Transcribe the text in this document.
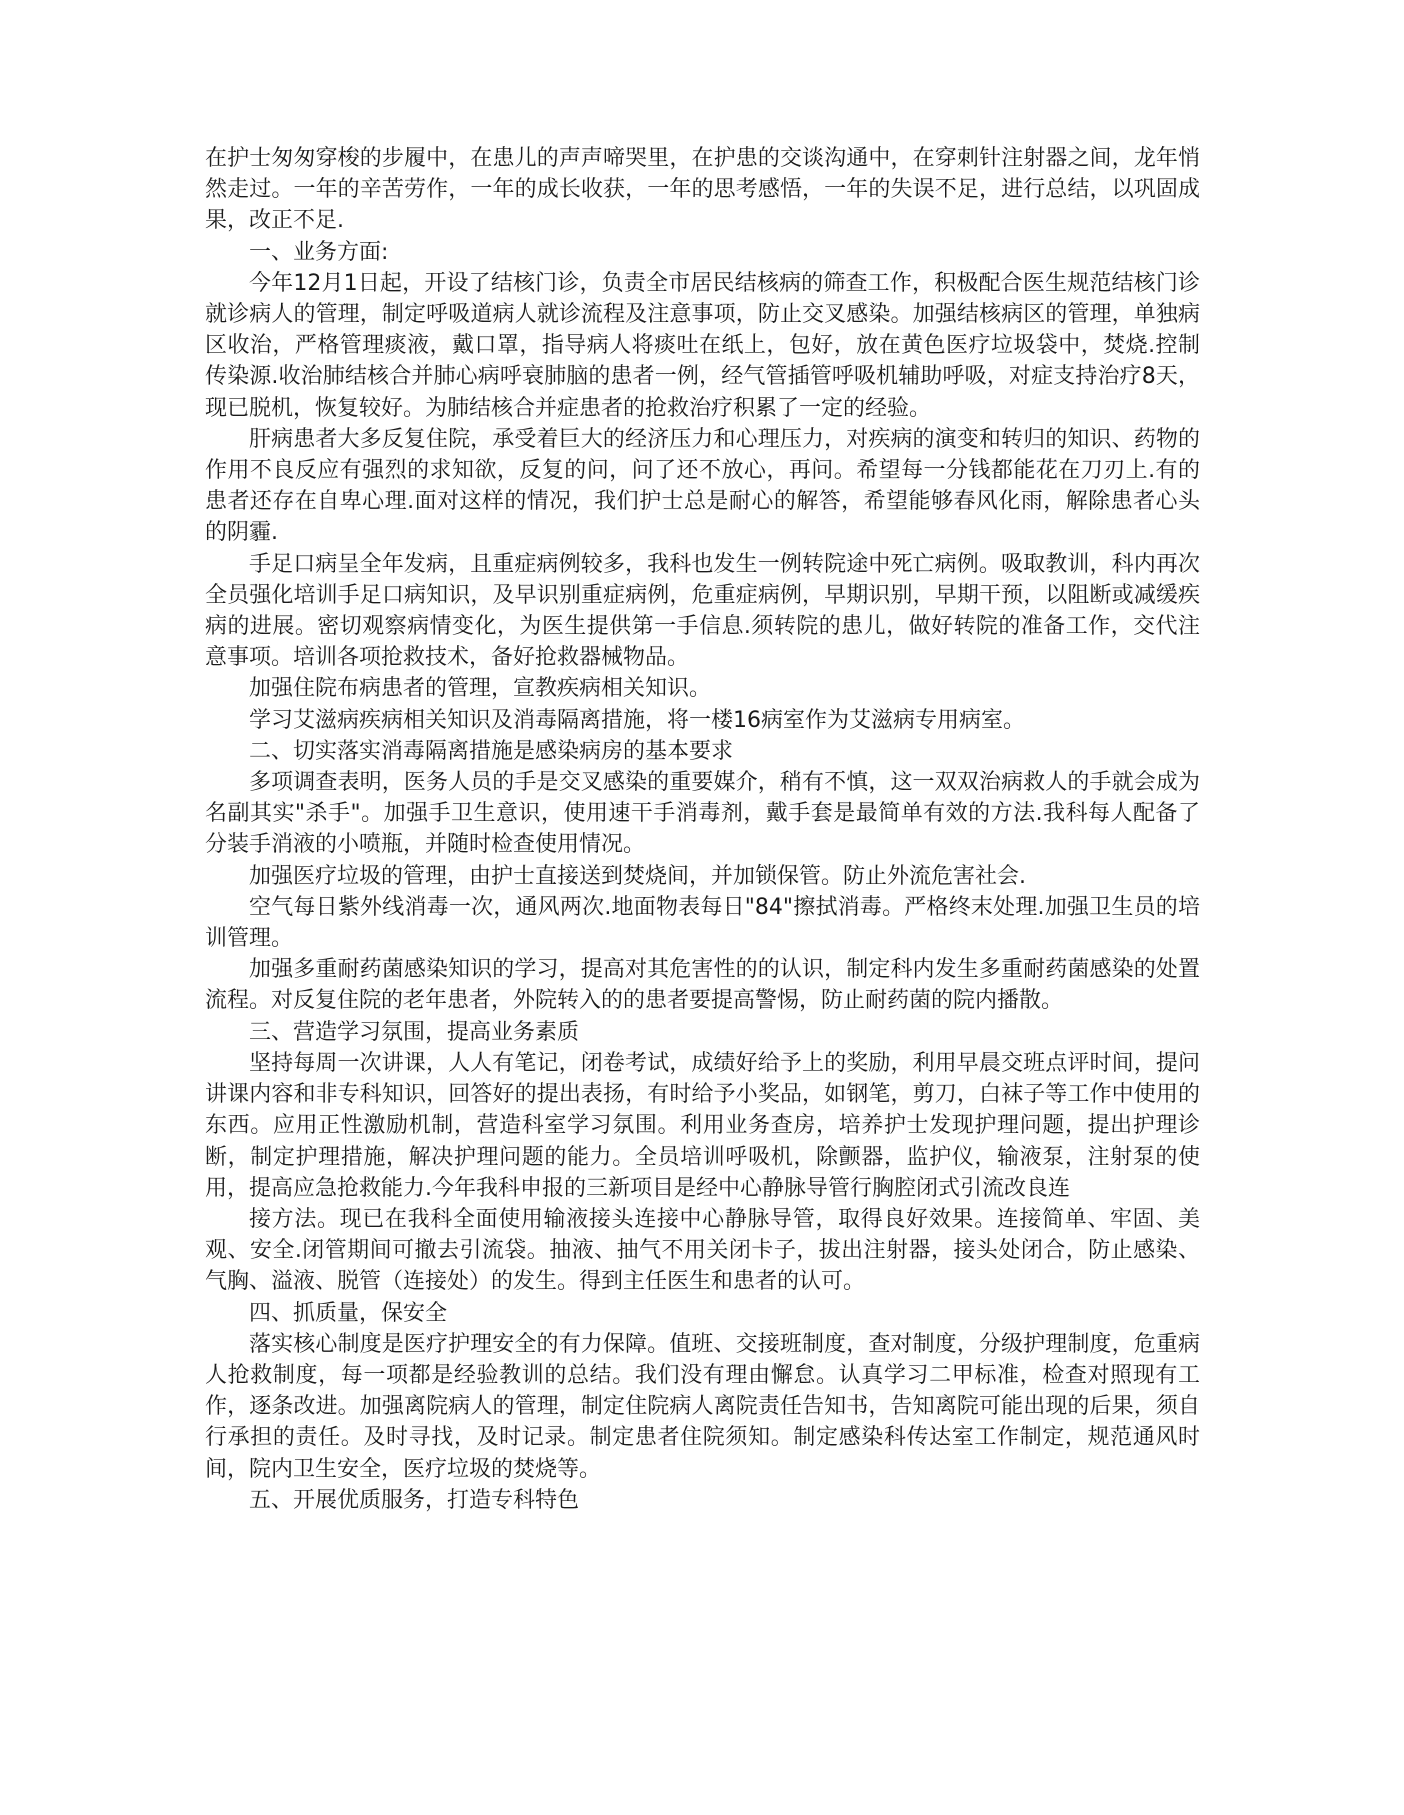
在护士匆匆穿梭的步履中，在患儿的声声啼哭里，在护患的交谈沟通中，在穿刺针注射器之间，龙年悄然走过。一年的辛苦劳作，一年的成长收获，一年的思考感悟，一年的失误不足，进行总结，以巩固成果，改正不足.

一、业务方面:

今年12月1日起，开设了结核门诊，负责全市居民结核病的筛查工作，积极配合医生规范结核门诊就诊病人的管理，制定呼吸道病人就诊流程及注意事项，防止交叉感染。加强结核病区的管理，单独病区收治，严格管理痰液，戴口罩，指导病人将痰吐在纸上，包好，放在黄色医疗垃圾袋中，焚烧.控制传染源.收治肺结核合并肺心病呼衰肺脑的患者一例，经气管插管呼吸机辅助呼吸，对症支持治疗8天，现已脱机，恢复较好。为肺结核合并症患者的抢救治疗积累了一定的经验。

肝病患者大多反复住院，承受着巨大的经济压力和心理压力，对疾病的演变和转归的知识、药物的作用不良反应有强烈的求知欲，反复的问，问了还不放心，再问。希望每一分钱都能花在刀刃上.有的患者还存在自卑心理.面对这样的情况，我们护士总是耐心的解答，希望能够春风化雨，解除患者心头的阴霾.

手足口病呈全年发病，且重症病例较多，我科也发生一例转院途中死亡病例。吸取教训，科内再次全员强化培训手足口病知识，及早识别重症病例，危重症病例，早期识别，早期干预，以阻断或减缓疾病的进展。密切观察病情变化，为医生提供第一手信息.须转院的患儿，做好转院的准备工作，交代注意事项。培训各项抢救技术，备好抢救器械物品。

加强住院布病患者的管理，宣教疾病相关知识。

学习艾滋病疾病相关知识及消毒隔离措施，将一楼16病室作为艾滋病专用病室。

二、切实落实消毒隔离措施是感染病房的基本要求

多项调查表明，医务人员的手是交叉感染的重要媒介，稍有不慎，这一双双治病救人的手就会成为名副其实"杀手"。加强手卫生意识，使用速干手消毒剂，戴手套是最简单有效的方法.我科每人配备了分装手消液的小喷瓶，并随时检查使用情况。

加强医疗垃圾的管理，由护士直接送到焚烧间，并加锁保管。防止外流危害社会.

空气每日紫外线消毒一次，通风两次.地面物表每日"84"擦拭消毒。严格终末处理.加强卫生员的培训管理。

加强多重耐药菌感染知识的学习，提高对其危害性的的认识，制定科内发生多重耐药菌感染的处置流程。对反复住院的老年患者，外院转入的的患者要提高警惕，防止耐药菌的院内播散。

三、营造学习氛围，提高业务素质

坚持每周一次讲课，人人有笔记，闭卷考试，成绩好给予上的奖励，利用早晨交班点评时间，提问讲课内容和非专科知识，回答好的提出表扬，有时给予小奖品，如钢笔，剪刀，白袜子等工作中使用的东西。应用正性激励机制，营造科室学习氛围。利用业务查房，培养护士发现护理问题，提出护理诊断，制定护理措施，解决护理问题的能力。全员培训呼吸机，除颤器，监护仪，输液泵，注射泵的使用，提高应急抢救能力.今年我科申报的三新项目是经中心静脉导管行胸腔闭式引流改良连

接方法。现已在我科全面使用输液接头连接中心静脉导管，取得良好效果。连接简单、牢固、美观、安全.闭管期间可撤去引流袋。抽液、抽气不用关闭卡子，拔出注射器，接头处闭合，防止感染、气胸、溢液、脱管（连接处）的发生。得到主任医生和患者的认可。

四、抓质量，保安全

落实核心制度是医疗护理安全的有力保障。值班、交接班制度，查对制度，分级护理制度，危重病人抢救制度，每一项都是经验教训的总结。我们没有理由懈怠。认真学习二甲标准，检查对照现有工作，逐条改进。加强离院病人的管理，制定住院病人离院责任告知书，告知离院可能出现的后果，须自行承担的责任。及时寻找，及时记录。制定患者住院须知。制定感染科传达室工作制定，规范通风时间，院内卫生安全，医疗垃圾的焚烧等。

五、开展优质服务，打造专科特色
